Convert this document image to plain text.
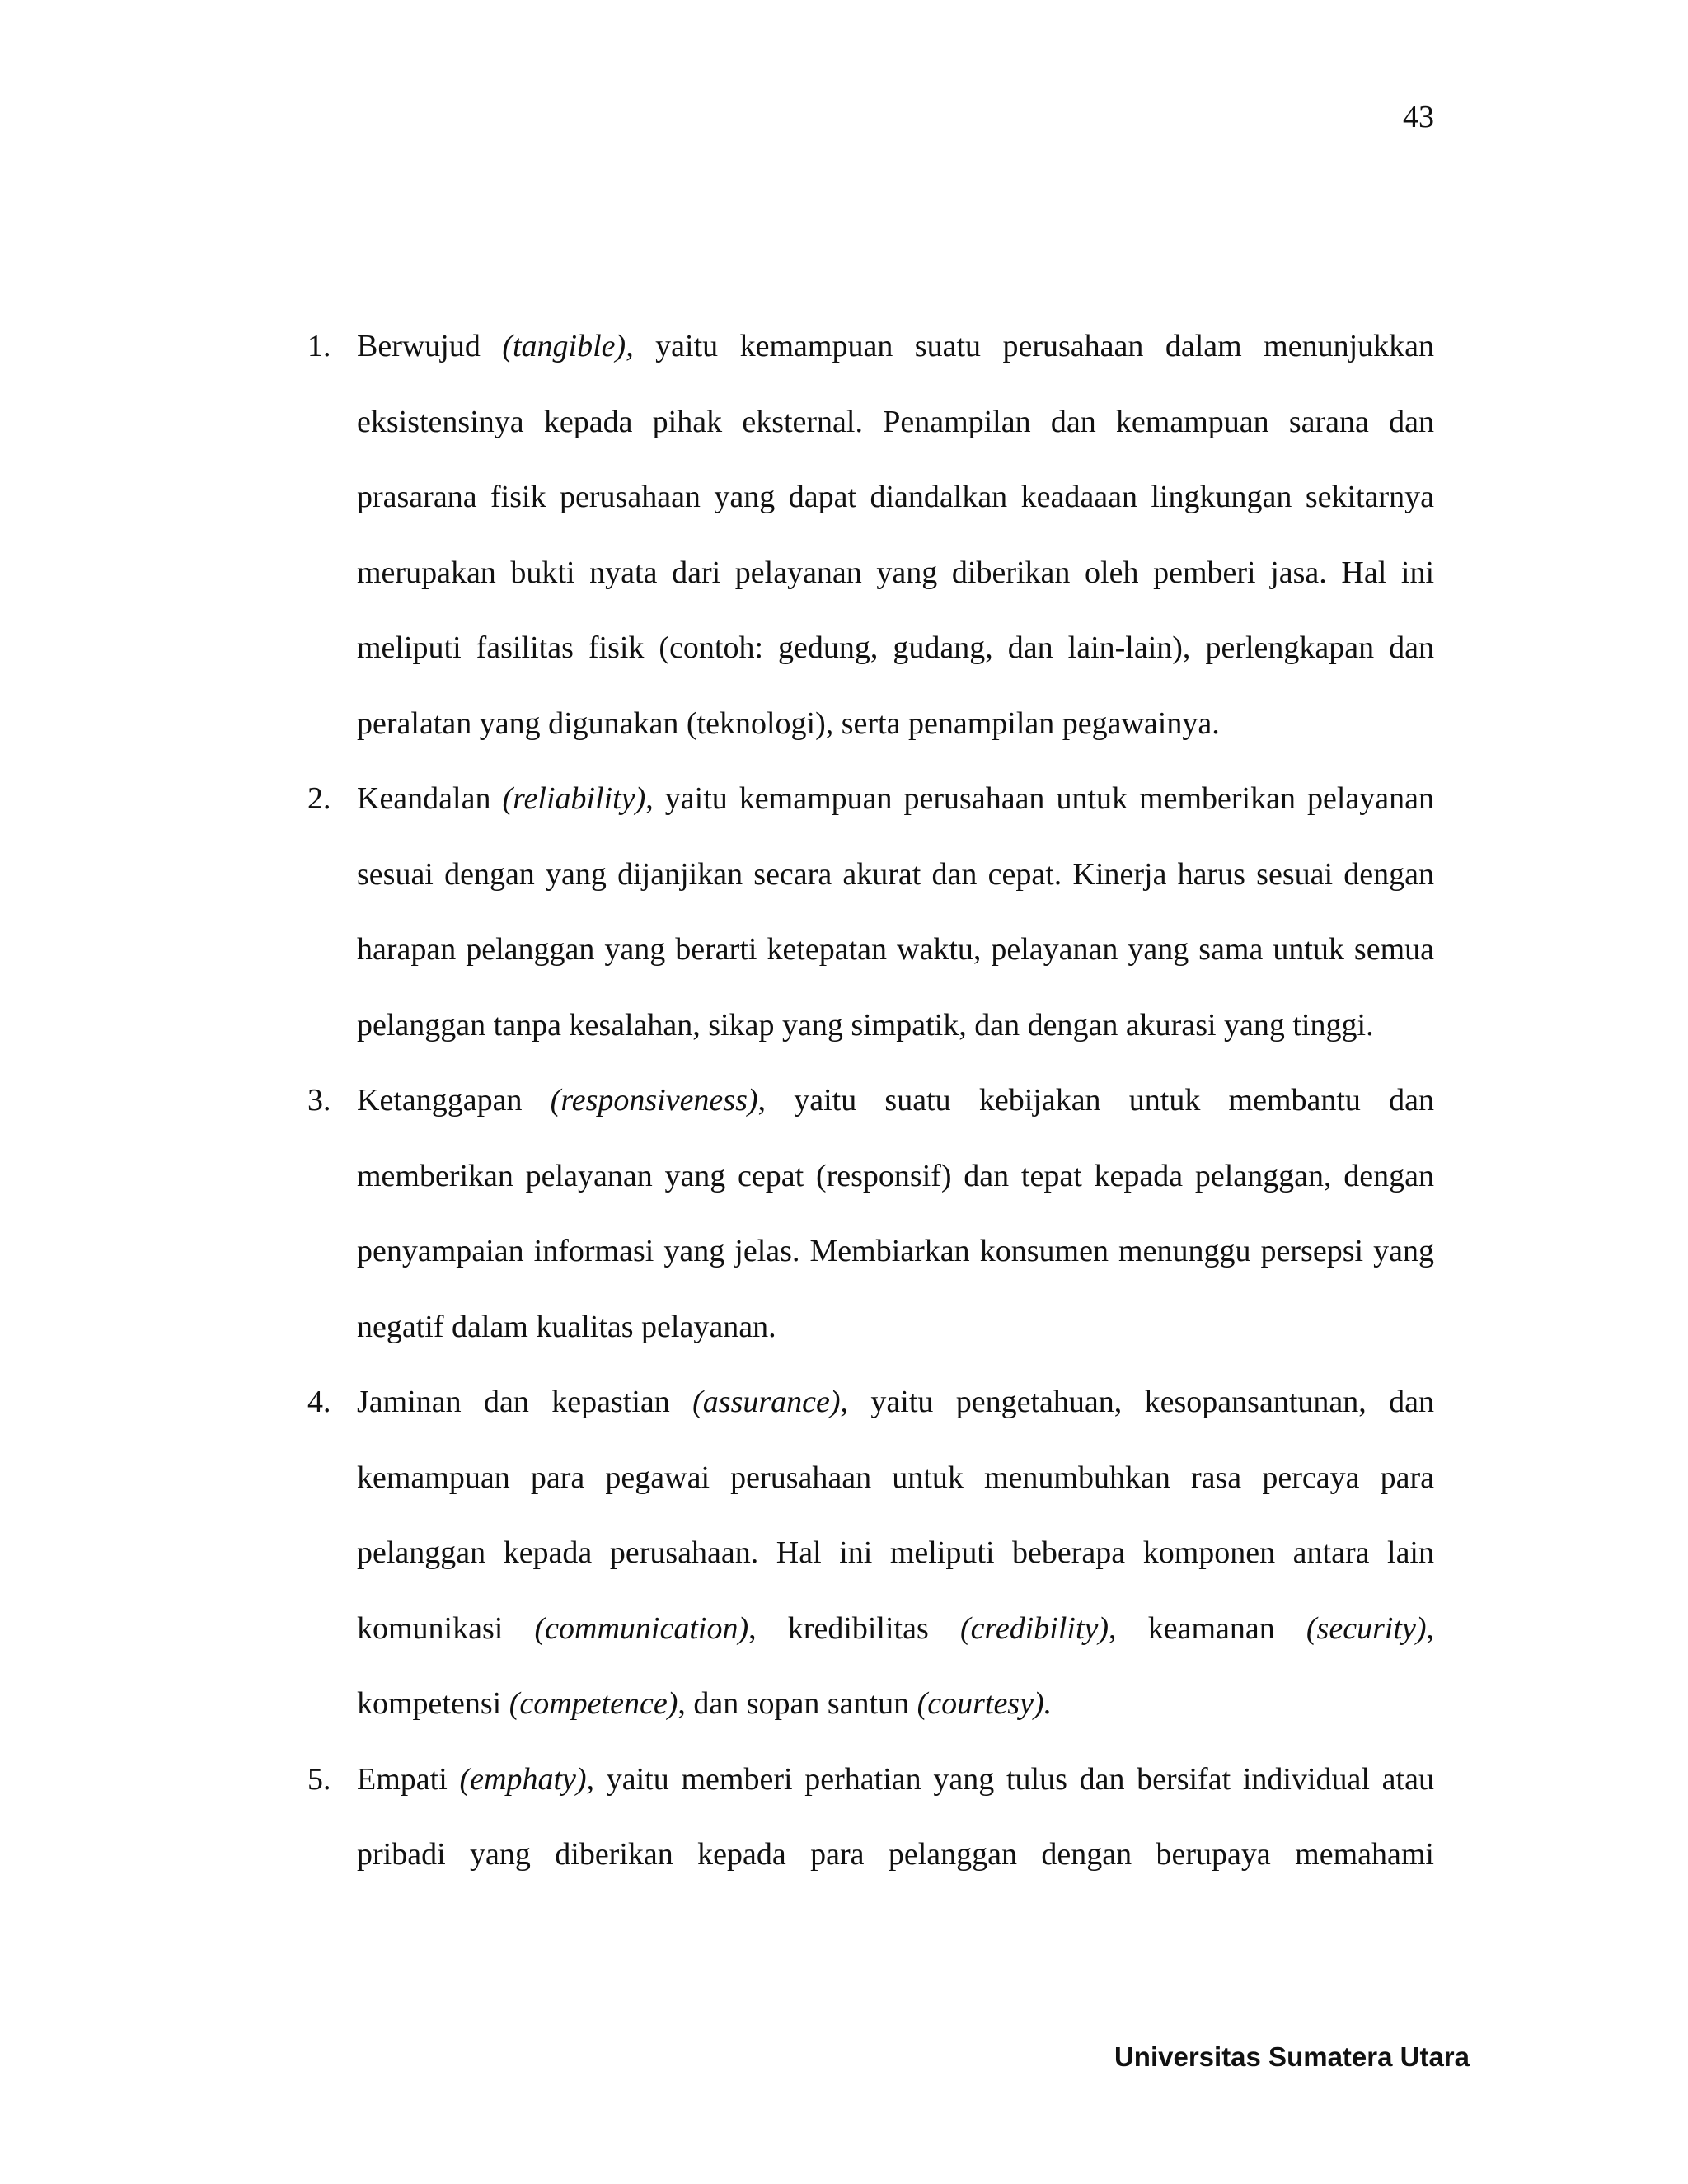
43
1. Berwujud (tangible), yaitu kemampuan suatu perusahaan dalam menunjukkan eksistensinya kepada pihak eksternal. Penampilan dan kemampuan sarana dan prasarana fisik perusahaan yang dapat diandalkan keadaaan lingkungan sekitarnya merupakan bukti nyata dari pelayanan yang diberikan oleh pemberi jasa. Hal ini meliputi fasilitas fisik (contoh: gedung, gudang, dan lain-lain), perlengkapan dan peralatan yang digunakan (teknologi), serta penampilan pegawainya.

2. Keandalan (reliability), yaitu kemampuan perusahaan untuk memberikan pelayanan sesuai dengan yang dijanjikan secara akurat dan cepat. Kinerja harus sesuai dengan harapan pelanggan yang berarti ketepatan waktu, pelayanan yang sama untuk semua pelanggan tanpa kesalahan, sikap yang simpatik, dan dengan akurasi yang tinggi.

3. Ketanggapan (responsiveness), yaitu suatu kebijakan untuk membantu dan memberikan pelayanan yang cepat (responsif) dan tepat kepada pelanggan, dengan penyampaian informasi yang jelas. Membiarkan konsumen menunggu persepsi yang negatif dalam kualitas pelayanan.

4. Jaminan dan kepastian (assurance), yaitu pengetahuan, kesopansantunan, dan kemampuan para pegawai perusahaan untuk menumbuhkan rasa percaya para pelanggan kepada perusahaan. Hal ini meliputi beberapa komponen antara lain komunikasi (communication), kredibilitas (credibility), keamanan (security), kompetensi (competence), dan sopan santun (courtesy).

5. Empati (emphaty), yaitu memberi perhatian yang tulus dan bersifat individual atau pribadi yang diberikan kepada para pelanggan dengan berupaya memahami

Universitas Sumatera Utara
